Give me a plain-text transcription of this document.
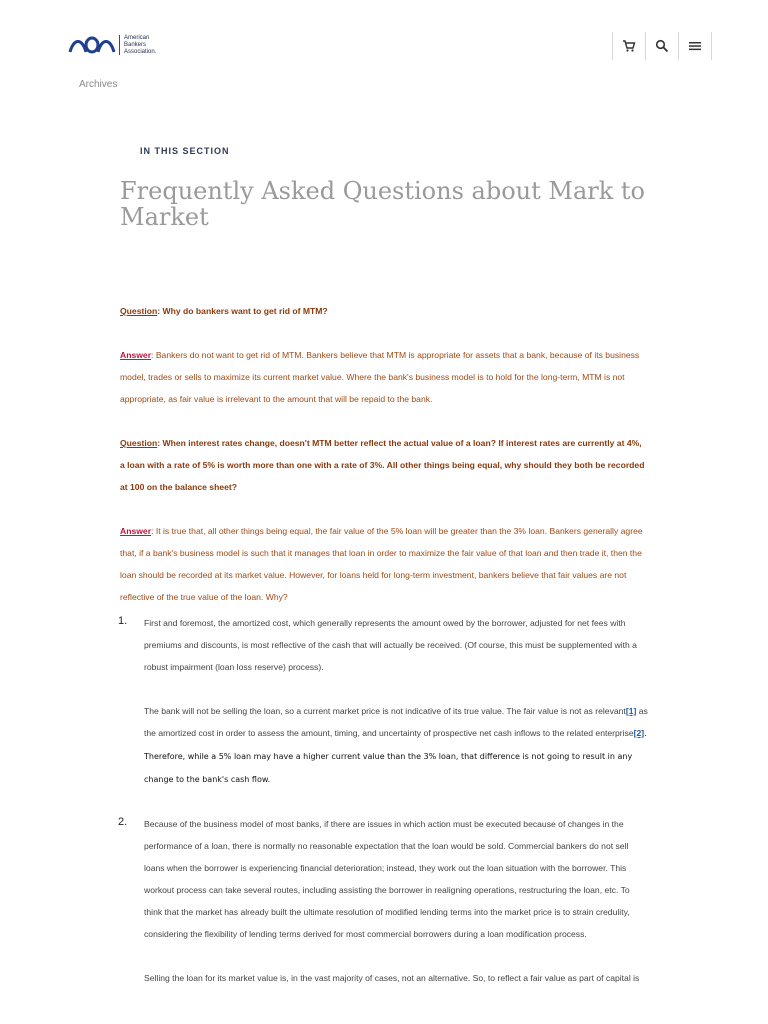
American
Bankers
Association.
Archives
IN THIS SECTION
Frequently Asked Questions about Mark to Market
Question: Why do bankers want to get rid of MTM?
Answer: Bankers do not want to get rid of MTM. Bankers believe that MTM is appropriate for assets that a bank, because of its business model, trades or sells to maximize its current market value. Where the bank's business model is to hold for the long-term, MTM is not appropriate, as fair value is irrelevant to the amount that will be repaid to the bank.
Question: When interest rates change, doesn't MTM better reflect the actual value of a loan? If interest rates are currently at 4%, a loan with a rate of 5% is worth more than one with a rate of 3%. All other things being equal, why should they both be recorded at 100 on the balance sheet?
Answer: It is true that, all other things being equal, the fair value of the 5% loan will be greater than the 3% loan. Bankers generally agree that, if a bank's business model is such that it manages that loan in order to maximize the fair value of that loan and then trade it, then the loan should be recorded at its market value. However, for loans held for long-term investment, bankers believe that fair values are not reflective of the true value of the loan. Why?
1. First and foremost, the amortized cost, which generally represents the amount owed by the borrower, adjusted for net fees with premiums and discounts, is most reflective of the cash that will actually be received. (Of course, this must be supplemented with a robust impairment (loan loss reserve) process).

The bank will not be selling the loan, so a current market price is not indicative of its true value. The fair value is not as relevant[1] as the amortized cost in order to assess the amount, timing, and uncertainty of prospective net cash inflows to the related enterprise[2]. Therefore, while a 5% loan may have a higher current value than the 3% loan, that difference is not going to result in any change to the bank's cash flow.

2. Because of the business model of most banks, if there are issues in which action must be executed because of changes in the performance of a loan, there is normally no reasonable expectation that the loan would be sold. Commercial bankers do not sell loans when the borrower is experiencing financial deterioration; instead, they work out the loan situation with the borrower. This workout process can take several routes, including assisting the borrower in realigning operations, restructuring the loan, etc. To think that the market has already built the ultimate resolution of modified lending terms into the market price is to strain credulity, considering the flexibility of lending terms derived for most commercial borrowers during a loan modification process.

Selling the loan for its market value is, in the vast majority of cases, not an alternative. So, to reflect a fair value as part of capital is
